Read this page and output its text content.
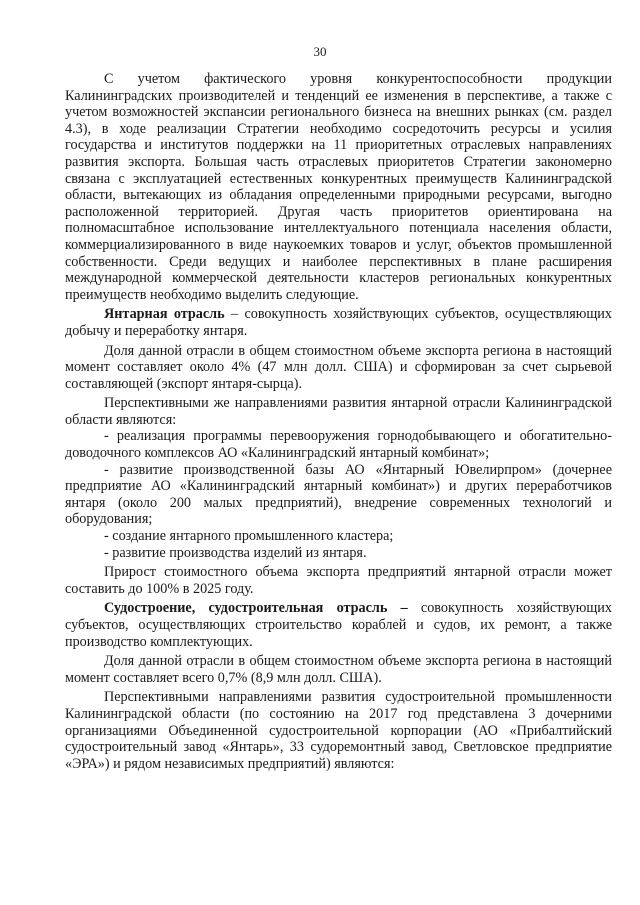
30

С учетом фактического уровня конкурентоспособности продукции Калининградских производителей и тенденций ее изменения в перспективе, а также с учетом возможностей экспансии регионального бизнеса на внешних рынках (см. раздел 4.3), в ходе реализации Стратегии необходимо сосредоточить ресурсы и усилия государства и институтов поддержки на 11 приоритетных отраслевых направлениях развития экспорта. Большая часть отраслевых приоритетов Стратегии закономерно связана с эксплуатацией естественных конкурентных преимуществ Калининградской области, вытекающих из обладания определенными природными ресурсами, выгодно расположенной территорией. Другая часть приоритетов ориентирована на полномасштабное использование интеллектуального потенциала населения области, коммерциализированного в виде наукоемких товаров и услуг, объектов промышленной собственности. Среди ведущих и наиболее перспективных в плане расширения международной коммерческой деятельности кластеров региональных конкурентных преимуществ необходимо выделить следующие.

Янтарная отрасль – совокупность хозяйствующих субъектов, осуществляющих добычу и переработку янтаря.

Доля данной отрасли в общем стоимостном объеме экспорта региона в настоящий момент составляет около 4% (47 млн долл. США) и сформирован за счет сырьевой составляющей (экспорт янтаря-сырца).

Перспективными же направлениями развития янтарной отрасли Калининградской области являются:

- реализация программы перевооружения горнодобывающего и обогатительно-доводочного комплексов АО «Калининградский янтарный комбинат»;

- развитие производственной базы АО «Янтарный Ювелирпром» (дочернее предприятие АО «Калининградский янтарный комбинат») и других переработчиков янтаря (около 200 малых предприятий), внедрение современных технологий и оборудования;

- создание янтарного промышленного кластера;

- развитие производства изделий из янтаря.

Прирост стоимостного объема экспорта предприятий янтарной отрасли может составить до 100% в 2025 году.

Судостроение, судостроительная отрасль – совокупность хозяйствующих субъектов, осуществляющих строительство кораблей и судов, их ремонт, а также производство комплектующих.

Доля данной отрасли в общем стоимостном объеме экспорта региона в настоящий момент составляет всего 0,7% (8,9 млн долл. США).

Перспективными направлениями развития судостроительной промышленности Калининградской области (по состоянию на 2017 год представлена 3 дочерними организациями Объединенной судостроительной корпорации (АО «Прибалтийский судостроительный завод «Янтарь», 33 судоремонтный завод, Светловское предприятие «ЭРА») и рядом независимых предприятий) являются:
